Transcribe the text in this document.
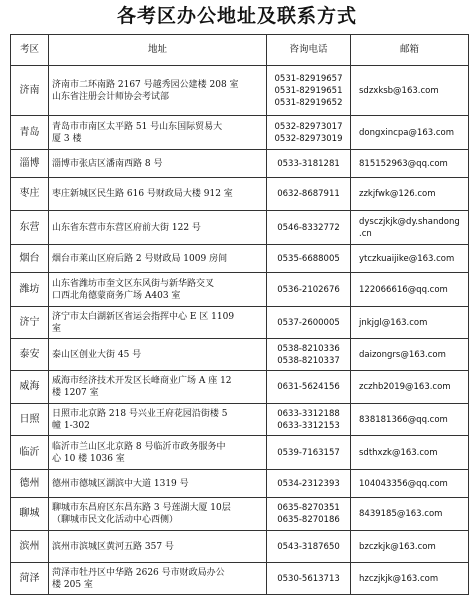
各考区办公地址及联系方式
考区	地址	咨询电话	邮箱
济南	济南市二环南路 2167 号越秀园公建楼 208 室
山东省注册会计师协会考试部	0531-82919657
0531-82919651
0531-82919652	sdzxksb@163.com

青岛	青岛市市南区太平路 51 号山东国际贸易大
厦 3 楼	0532-82973017
0532-82973019	dongxincpa@163.com

淄博	淄博市张店区潘南西路 8 号	0533-3181281	815152963@qq.com

枣庄	枣庄新城区民生路 616 号财政局大楼 912 室	0632-8687911	zzkjfwk@126.com

东营	山东省东营市东营区府前大街 122 号	0546-8332772	dysczjkjk@dy.shandong
.cn

烟台	烟台市莱山区府后路 2 号财政局 1009 房间	0535-6688005	ytczkuaijike@163.com

潍坊	山东省潍坊市奎文区东风街与新华路交叉
口西北角德蒙商务广场 A403 室	0536-2102676	122066616@qq.com

济宁	济宁市太白湖新区省运会指挥中心 E 区 1109
室	0537-2600005	jnkjgl@163.com

泰安	泰山区创业大街 45 号	0538-8210336
0538-8210337	daizongrs@163.com

威海	威海市经济技术开发区长峰商业广场 A 座 12
楼 1207 室	0631-5624156	zczhb2019@163.com

日照	日照市北京路 218 号兴业王府花园沿街楼 5
幢 1-302	0633-3312188
0633-3312153	838181366@qq.com

临沂	临沂市兰山区北京路 8 号临沂市政务服务中
心 10 楼 1036 室	0539-7163157	sdthxzk@163.com

德州	德州市德城区湖滨中大道 1319 号	0534-2312393	104043356@qq.com

聊城	聊城市东昌府区东昌东路 3 号莲湖大厦 10层
（聊城市民文化活动中心西侧）	0635-8270351
0635-8270186	8439185@163.com

滨州	滨州市滨城区黄河五路 357 号	0543-3187650	bzczkjk@163.com

菏泽	菏泽市牡丹区中华路 2626 号市财政局办公
楼 205 室	0530-5613713	hzczjkjk@163.com
